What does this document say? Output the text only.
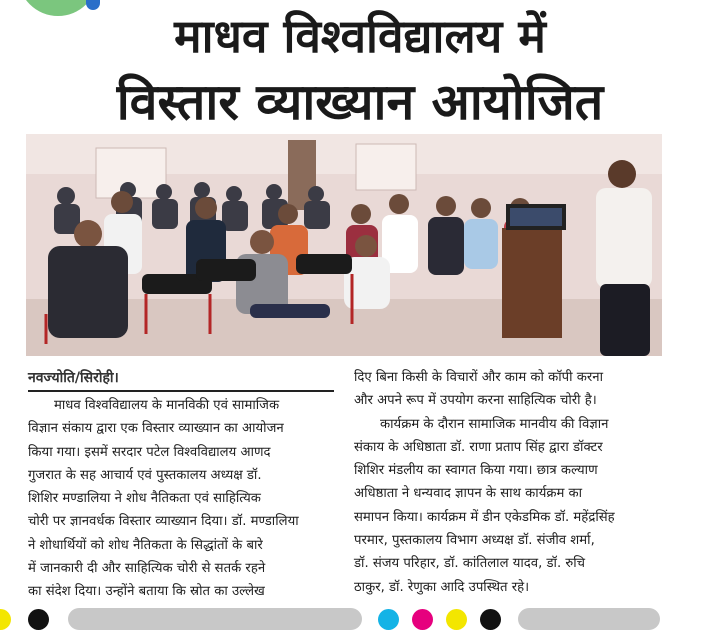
माधव विश्वविद्यालय में
विस्तार व्याख्यान आयोजित
नवज्योति/सिरोही।

माधव विश्वविद्यालय के मानविकी एवं सामाजिक

विज्ञान संकाय द्वारा एक विस्तार व्याख्यान का आयोजन

किया गया। इसमें सरदार पटेल विश्वविद्यालय आणद

गुजरात के सह आचार्य एवं पुस्तकालय अध्यक्ष डॉ.

शिशिर मण्डालिया ने शोध नैतिकता एवं साहित्यिक

चोरी पर ज्ञानवर्धक विस्तार व्याख्यान दिया। डॉ. मण्डालिया

ने शोधार्थियों को शोध नैतिकता के सिद्धांतों के बारे

में जानकारी दी और साहित्यिक चोरी से सतर्क रहने

का संदेश दिया। उन्होंने बताया कि स्रोत का उल्लेख

दिए बिना किसी के विचारों और काम को कॉपी करना

और अपने रूप में उपयोग करना साहित्यिक चोरी है।

कार्यक्रम के दौरान सामाजिक मानवीय की विज्ञान

संकाय के अधिष्ठाता डॉ. राणा प्रताप सिंह द्वारा डॉक्टर

शिशिर मंडलीय का स्वागत किया गया। छात्र कल्याण

अधिष्ठाता ने धन्यवाद ज्ञापन के साथ कार्यक्रम का

समापन किया। कार्यक्रम में डीन एकेडमिक डॉ. महेंद्रसिंह

परमार, पुस्तकालय विभाग अध्यक्ष डॉ. संजीव शर्मा,

डॉ. संजय परिहार, डॉ. कांतिलाल यादव, डॉ. रुचि

ठाकुर, डॉ. रेणुका आदि उपस्थित रहे।
